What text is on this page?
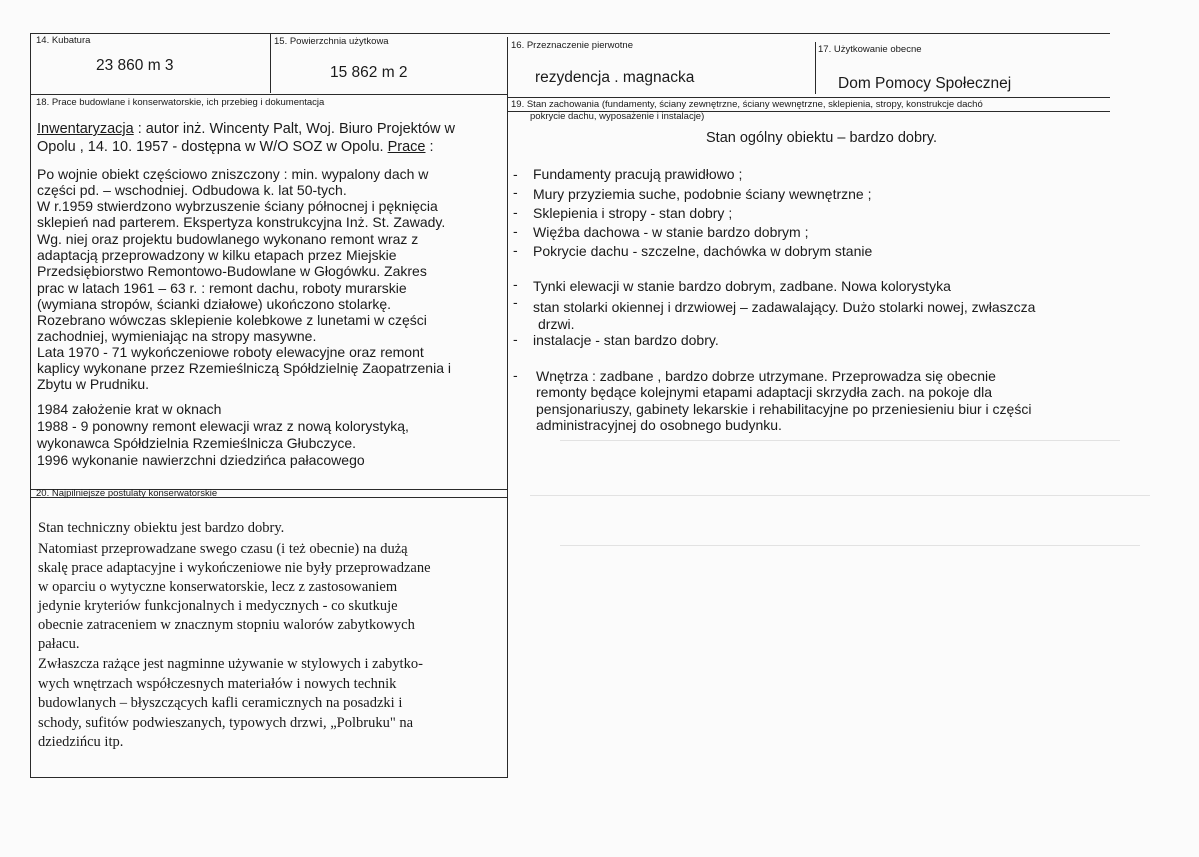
14. Kubatura
23 860 m 3
15. Powierzchnia użytkowa
15 862 m 2
16. Przeznaczenie pierwotne
rezydencja . magnacka
17. Użytkowanie obecne
Dom Pomocy Społecznej
18. Prace budowlane i konserwatorskie, ich przebieg i dokumentacja
Inwentaryzacja : autor inż. Wincenty Palt, Woj. Biuro Projektów w
Opolu , 14. 10. 1957 - dostępna w W/O SOZ w Opolu. Prace :
Po wojnie obiekt częściowo zniszczony : min. wypalony dach w
części pd. – wschodniej. Odbudowa k. lat 50-tych.
W r.1959 stwierdzono wybrzuszenie ściany północnej i pęknięcia
sklepień nad parterem. Ekspertyza konstrukcyjna Inż. St. Zawady.
Wg. niej oraz projektu budowlanego wykonano remont wraz z
adaptacją przeprowadzony w kilku etapach przez Miejskie
Przedsiębiorstwo Remontowo-Budowlane w Głogówku. Zakres
prac w latach 1961 – 63 r. : remont dachu, roboty murarskie
(wymiana stropów, ścianki działowe) ukończono stolarkę.
Rozebrano wówczas sklepienie kolebkowe z lunetami w części
zachodniej, wymieniając na stropy masywne.
Lata 1970 - 71 wykończeniowe roboty elewacyjne oraz remont
kaplicy wykonane przez Rzemieślniczą Spółdzielnię Zaopatrzenia i
Zbytu w Prudniku.
1984 założenie krat w oknach
1988 - 9 ponowny remont elewacji wraz z nową kolorystyką,
wykonawca Spółdzielnia Rzemieślnicza Głubczyce.
1996 wykonanie nawierzchni dziedzińca pałacowego
20. Najpilniejsze postulaty konserwatorskie
Stan techniczny obiektu jest bardzo dobry.
Natomiast przeprowadzane swego czasu (i też obecnie) na dużą
skalę prace adaptacyjne i wykończeniowe nie były przeprowadzane
w oparciu o wytyczne konserwatorskie, lecz z zastosowaniem
jedynie kryteriów funkcjonalnych i medycznych - co skutkuje
obecnie zatraceniem w znacznym stopniu walorów zabytkowych
pałacu.
Zwłaszcza rażące jest nagminne używanie w stylowych i zabytko-
wych wnętrzach współczesnych materiałów i nowych technik
budowlanych – błyszczących kafli ceramicznych na posadzki i
schody, sufitów podwieszanych, typowych drzwi, „Polbruku" na
dziedzińcu itp.
19. Stan zachowania (fundamenty, ściany zewnętrzne, ściany wewnętrzne, sklepienia, stropy, konstrukcje dachó
pokrycie dachu, wyposażenie i instalacje)
Stan ogólny obiektu – bardzo dobry.
- Fundamenty pracują prawidłowo ;
- Mury przyziemia suche, podobnie ściany wewnętrzne ;
- Sklepienia i stropy - stan dobry ;
- Więźba dachowa - w stanie bardzo dobrym ;
- Pokrycie dachu - szczelne, dachówka w dobrym stanie
- Tynki elewacji w stanie bardzo dobrym, zadbane. Nowa kolorystyka
- stan stolarki okiennej i drzwiowej – zadawalający. Dużo stolarki nowej, zwłaszcza
drzwi.
- instalacje - stan bardzo dobry.
- Wnętrza : zadbane , bardzo dobrze utrzymane. Przeprowadza się obecnie
remonty będące kolejnymi etapami adaptacji skrzydła zach. na pokoje dla
pensjonariuszy, gabinety lekarskie i rehabilitacyjne po przeniesieniu biur i części
administracyjnej do osobnego budynku.
